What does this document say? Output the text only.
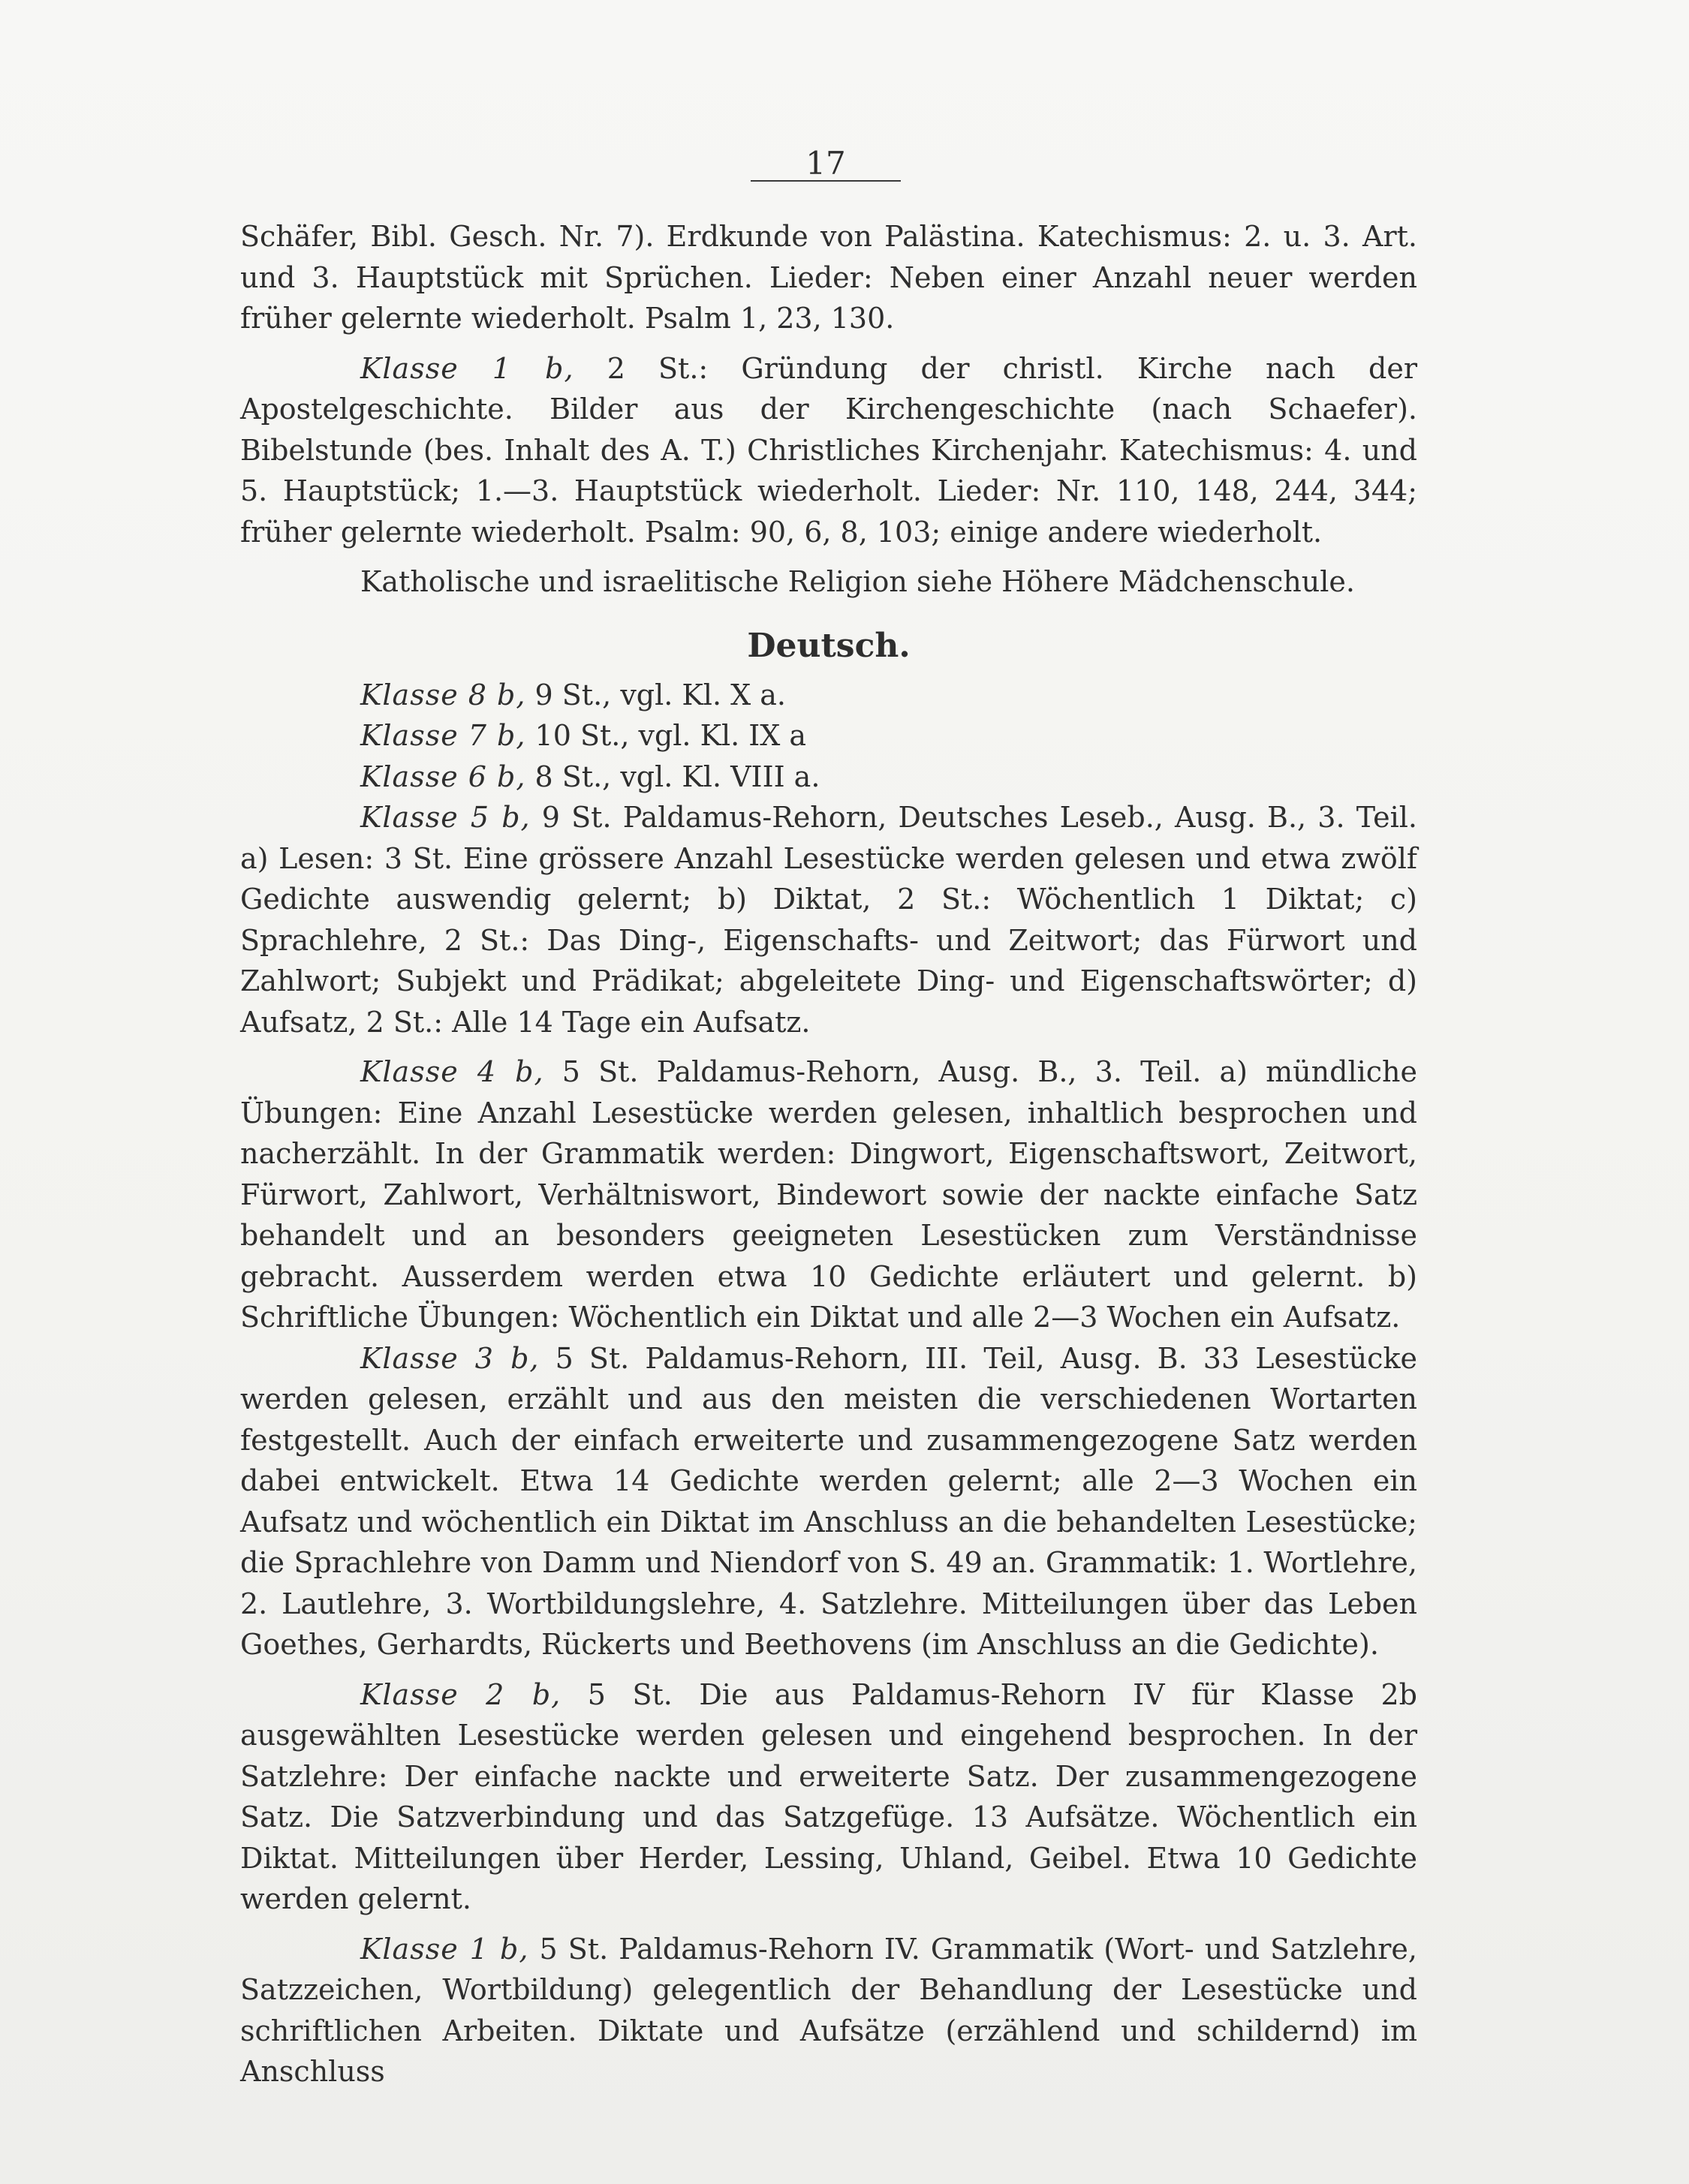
17

Schäfer, Bibl. Gesch. Nr. 7). Erdkunde von Palästina. Katechismus: 2. u. 3. Art. und 3. Hauptstück mit Sprüchen. Lieder: Neben einer Anzahl neuer werden früher gelernte wiederholt. Psalm 1, 23, 130.

Klasse 1 b, 2 St.: Gründung der christl. Kirche nach der Apostelgeschichte. Bilder aus der Kirchengeschichte (nach Schaefer). Bibelstunde (bes. Inhalt des A. T.) Christliches Kirchenjahr. Katechismus: 4. und 5. Hauptstück; 1.—3. Hauptstück wiederholt. Lieder: Nr. 110, 148, 244, 344; früher gelernte wiederholt. Psalm: 90, 6, 8, 103; einige andere wiederholt.

Katholische und israelitische Religion siehe Höhere Mädchenschule.

Deutsch.

Klasse 8 b, 9 St., vgl. Kl. X a.

Klasse 7 b, 10 St., vgl. Kl. IX a

Klasse 6 b, 8 St., vgl. Kl. VIII a.

Klasse 5 b, 9 St. Paldamus-Rehorn, Deutsches Leseb., Ausg. B., 3. Teil. a) Lesen: 3 St. Eine grössere Anzahl Lesestücke werden gelesen und etwa zwölf Gedichte auswendig gelernt; b) Diktat, 2 St.: Wöchentlich 1 Diktat; c) Sprachlehre, 2 St.: Das Ding-, Eigenschafts- und Zeitwort; das Fürwort und Zahlwort; Subjekt und Prädikat; abgeleitete Ding- und Eigenschaftswörter; d) Aufsatz, 2 St.: Alle 14 Tage ein Aufsatz.

Klasse 4 b, 5 St. Paldamus-Rehorn, Ausg. B., 3. Teil. a) mündliche Übungen: Eine Anzahl Lesestücke werden gelesen, inhaltlich besprochen und nacherzählt. In der Grammatik werden: Dingwort, Eigenschaftswort, Zeitwort, Fürwort, Zahlwort, Verhältniswort, Bindewort sowie der nackte einfache Satz behandelt und an besonders geeigneten Lesestücken zum Verständnisse gebracht. Ausserdem werden etwa 10 Gedichte erläutert und gelernt. b) Schriftliche Übungen: Wöchentlich ein Diktat und alle 2—3 Wochen ein Aufsatz.

Klasse 3 b, 5 St. Paldamus-Rehorn, III. Teil, Ausg. B. 33 Lesestücke werden gelesen, erzählt und aus den meisten die verschiedenen Wortarten festgestellt. Auch der einfach erweiterte und zusammengezogene Satz werden dabei entwickelt. Etwa 14 Gedichte werden gelernt; alle 2—3 Wochen ein Aufsatz und wöchentlich ein Diktat im Anschluss an die behandelten Lesestücke; die Sprachlehre von Damm und Niendorf von S. 49 an. Grammatik: 1. Wortlehre, 2. Lautlehre, 3. Wortbildungslehre, 4. Satzlehre. Mitteilungen über das Leben Goethes, Gerhardts, Rückerts und Beethovens (im Anschluss an die Gedichte).

Klasse 2 b, 5 St. Die aus Paldamus-Rehorn IV für Klasse 2b ausgewählten Lesestücke werden gelesen und eingehend besprochen. In der Satzlehre: Der einfache nackte und erweiterte Satz. Der zusammengezogene Satz. Die Satzverbindung und das Satzgefüge. 13 Aufsätze. Wöchentlich ein Diktat. Mitteilungen über Herder, Lessing, Uhland, Geibel. Etwa 10 Gedichte werden gelernt.

Klasse 1 b, 5 St. Paldamus-Rehorn IV. Grammatik (Wort- und Satzlehre, Satzzeichen, Wortbildung) gelegentlich der Behandlung der Lesestücke und schriftlichen Arbeiten. Diktate und Aufsätze (erzählend und schildernd) im Anschluss
